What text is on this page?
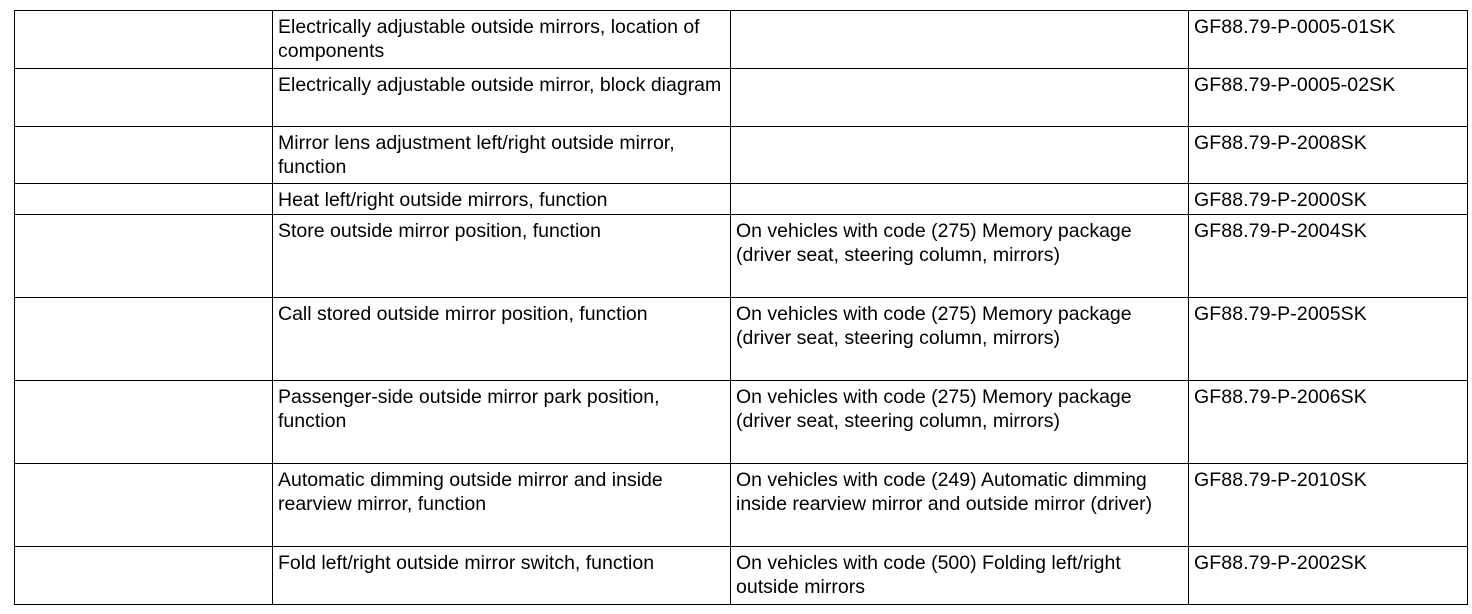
	Electrically adjustable outside mirrors, location of components		GF88.79-P-0005-01SK
	Electrically adjustable outside mirror, block diagram		GF88.79-P-0005-02SK
	Mirror lens adjustment left/right outside mirror, function		GF88.79-P-2008SK
	Heat left/right outside mirrors, function		GF88.79-P-2000SK
	Store outside mirror position, function	On vehicles with code (275) Memory package (driver seat, steering column, mirrors)	GF88.79-P-2004SK
	Call stored outside mirror position, function	On vehicles with code (275) Memory package (driver seat, steering column, mirrors)	GF88.79-P-2005SK
	Passenger-side outside mirror park position, function	On vehicles with code (275) Memory package (driver seat, steering column, mirrors)	GF88.79-P-2006SK
	Automatic dimming outside mirror and inside rearview mirror, function	On vehicles with code (249) Automatic dimming inside rearview mirror and outside mirror (driver)	GF88.79-P-2010SK
	Fold left/right outside mirror switch, function	On vehicles with code (500) Folding left/right outside mirrors	GF88.79-P-2002SK
